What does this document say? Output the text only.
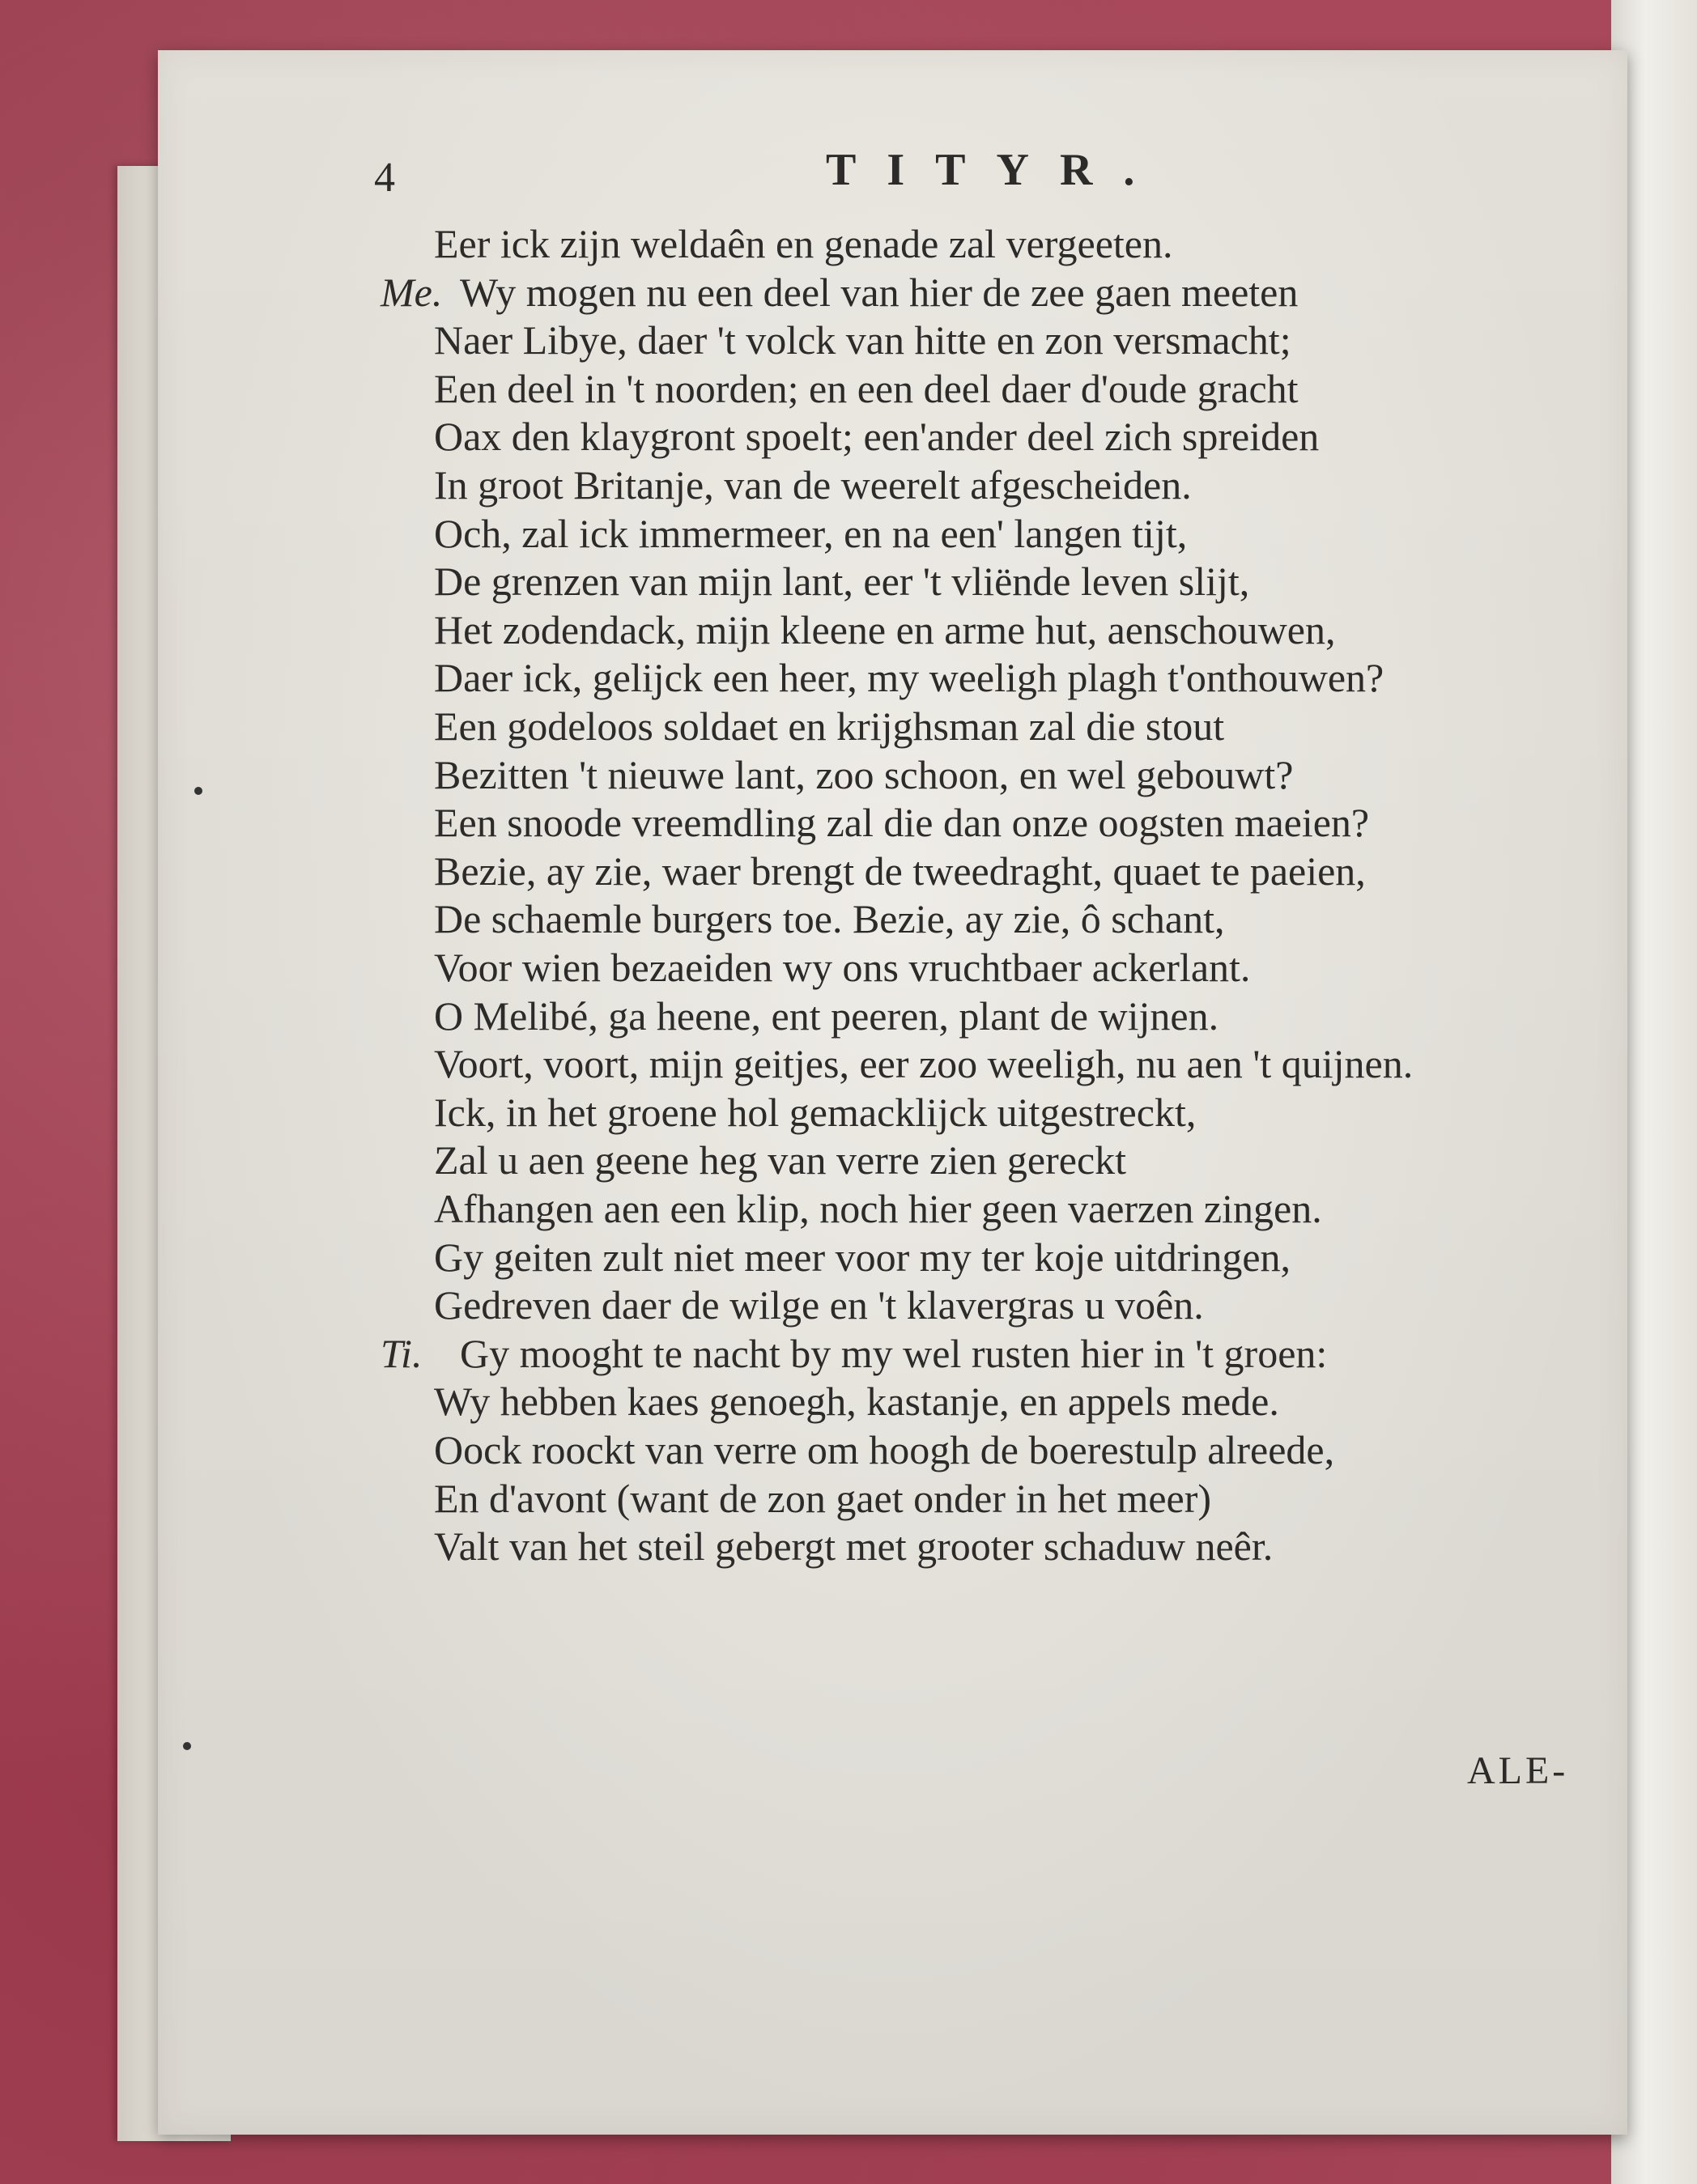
4	TITYR.
Eer ick zijn weldaên en genade zal vergeeten.
Me. Wy mogen nu een deel van hier de zee gaen meeten
Naer Libye, daer 't volck van hitte en zon versmacht;
Een deel in 't noorden; en een deel daer d'oude gracht
Oax den klaygront spoelt; een'ander deel zich spreiden
In groot Britanje, van de weerelt afgescheiden.
Och, zal ick immermeer, en na een' langen tijt,
De grenzen van mijn lant, eer 't vliënde leven slijt,
Het zodendack, mijn kleene en arme hut, aenschouwen,
Daer ick, gelijck een heer, my weeligh plagh t'onthouwen?
Een godeloos soldaet en krijghsman zal die stout
Bezitten 't nieuwe lant, zoo schoon, en wel gebouwt?
Een snoode vreemdling zal die dan onze oogsten maeien?
Bezie, ay zie, waer brengt de tweedraght, quaet te paeien,
De schaemle burgers toe. Bezie, ay zie, ô schant,
Voor wien bezaeiden wy ons vruchtbaer ackerlant.
O Melibé, ga heene, ent peeren, plant de wijnen.
Voort, voort, mijn geitjes, eer zoo weeligh, nu aen 't quijnen.
Ick, in het groene hol gemacklijck uitgestreckt,
Zal u aen geene heg van verre zien gereckt
Afhangen aen een klip, noch hier geen vaerzen zingen.
Gy geiten zult niet meer voor my ter koje uitdringen,
Gedreven daer de wilge en 't klavergras u voên.
Ti. Gy mooght te nacht by my wel rusten hier in 't groen:
Wy hebben kaes genoegh, kastanje, en appels mede.
Oock roockt van verre om hoogh de boerestulp alreede,
En d'avont (want de zon gaet onder in het meer)
Valt van het steil gebergt met grooter schaduw neêr.
ALE-
